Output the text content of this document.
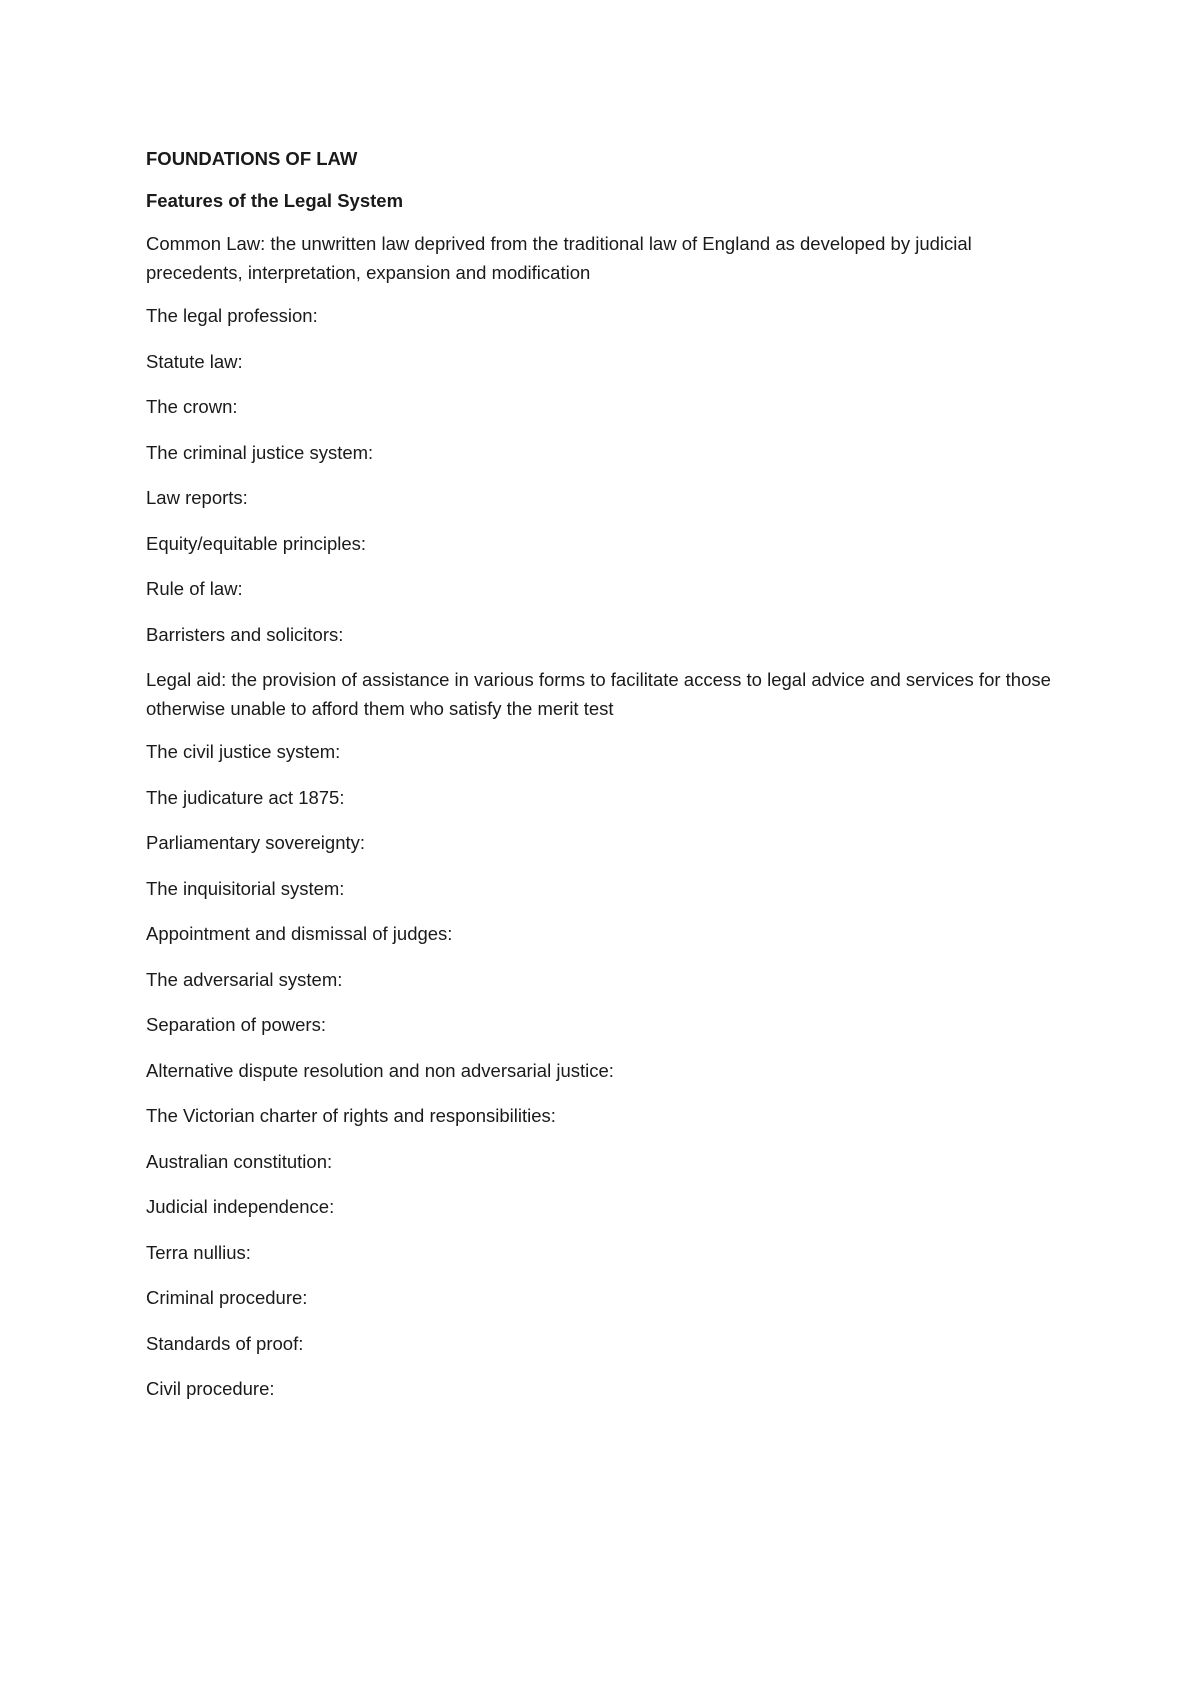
FOUNDATIONS OF LAW
Features of the Legal System
Common Law: the unwritten law deprived from the traditional law of England as developed by judicial precedents, interpretation, expansion and modification
The legal profession:
Statute law:
The crown:
The criminal justice system:
Law reports:
Equity/equitable principles:
Rule of law:
Barristers and solicitors:
Legal aid: the provision of assistance in various forms to facilitate access to legal advice and services for those otherwise unable to afford them who satisfy the merit test
The civil justice system:
The judicature act 1875:
Parliamentary sovereignty:
The inquisitorial system:
Appointment and dismissal of judges:
The adversarial system:
Separation of powers:
Alternative dispute resolution and non adversarial justice:
The Victorian charter of rights and responsibilities:
Australian constitution:
Judicial independence:
Terra nullius:
Criminal procedure:
Standards of proof:
Civil procedure:
